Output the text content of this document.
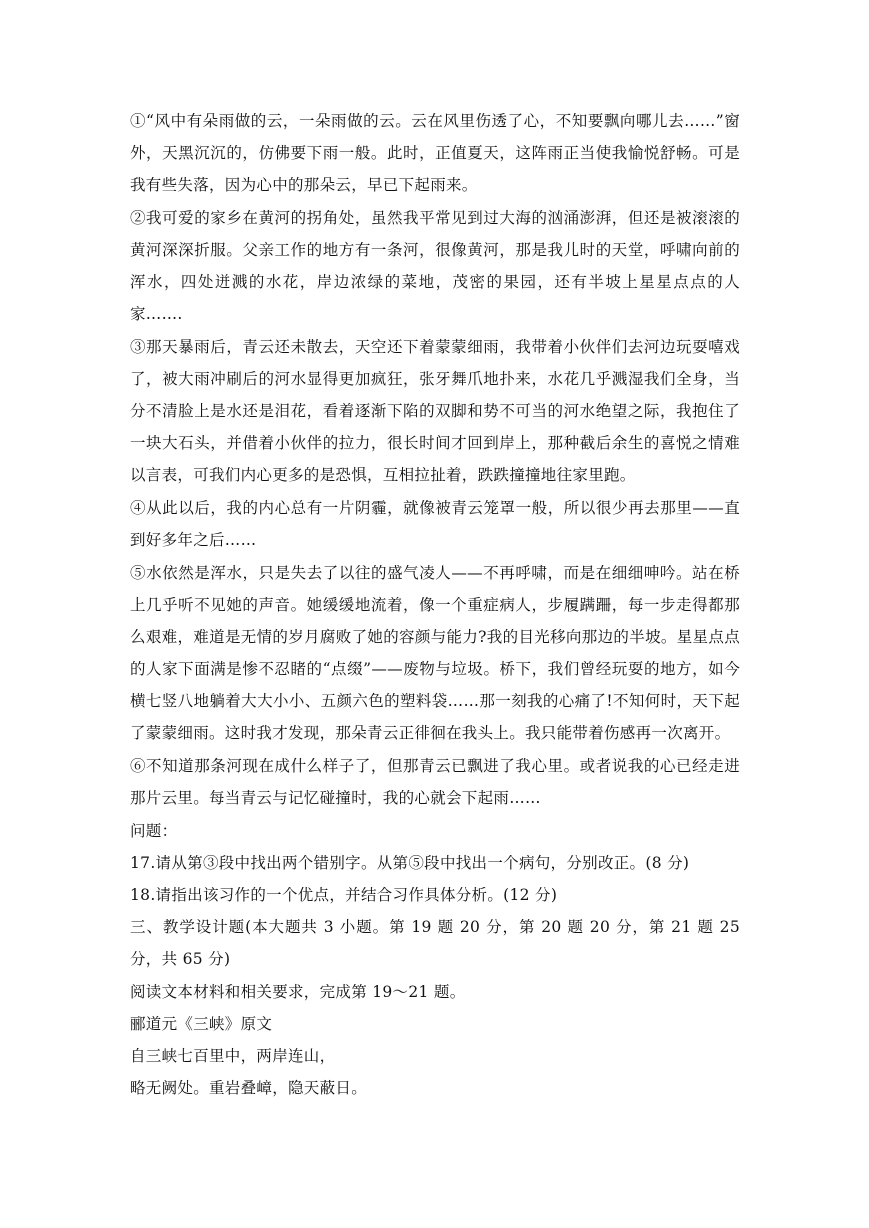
①“风中有朵雨做的云，一朵雨做的云。云在风里伤透了心，不知要飘向哪儿去……”窗外，天黑沉沉的，仿佛要下雨一般。此时，正值夏天，这阵雨正当使我愉悦舒畅。可是我有些失落，因为心中的那朵云，早已下起雨来。

②我可爱的家乡在黄河的拐角处，虽然我平常见到过大海的汹涌澎湃，但还是被滚滚的黄河深深折服。父亲工作的地方有一条河，很像黄河，那是我儿时的天堂，呼啸向前的浑水，四处迸溅的水花，岸边浓绿的菜地，茂密的果园，还有半坡上星星点点的人家…….

③那天暴雨后，青云还未散去，天空还下着蒙蒙细雨，我带着小伙伴们去河边玩耍嘻戏了，被大雨冲刷后的河水显得更加疯狂，张牙舞爪地扑来，水花几乎溅湿我们全身，当分不清脸上是水还是泪花，看着逐渐下陷的双脚和势不可当的河水绝望之际，我抱住了一块大石头，并借着小伙伴的拉力，很长时间才回到岸上，那种截后余生的喜悦之情难以言表，可我们内心更多的是恐惧，互相拉扯着，跌跌撞撞地往家里跑。

④从此以后，我的内心总有一片阴霾，就像被青云笼罩一般，所以很少再去那里——直到好多年之后……

⑤水依然是浑水，只是失去了以往的盛气凌人——不再呼啸，而是在细细呻吟。站在桥上几乎听不见她的声音。她缓缓地流着，像一个重症病人，步履蹒跚，每一步走得都那么艰难，难道是无情的岁月腐败了她的容颜与能力?我的目光移向那边的半坡。星星点点的人家下面满是惨不忍睹的“点缀”——废物与垃圾。桥下，我们曾经玩耍的地方，如今横七竖八地躺着大大小小、五颜六色的塑料袋……那一刻我的心痛了!不知何时，天下起了蒙蒙细雨。这时我才发现，那朵青云正徘徊在我头上。我只能带着伤感再一次离开。

⑥不知道那条河现在成什么样子了，但那青云已飘进了我心里。或者说我的心已经走进那片云里。每当青云与记忆碰撞时，我的心就会下起雨……

问题：

17.请从第③段中找出两个错别字。从第⑤段中找出一个病句，分别改正。(8 分)

18.请指出该习作的一个优点，并结合习作具体分析。(12 分)

三、教学设计题(本大题共 3 小题。第 19 题 20 分，第 20 题 20 分，第 21 题 25 分，共 65 分)

阅读文本材料和相关要求，完成第 19～21 题。

郦道元《三峡》原文

自三峡七百里中，两岸连山，

略无阙处。重岩叠嶂，隐天蔽日。
